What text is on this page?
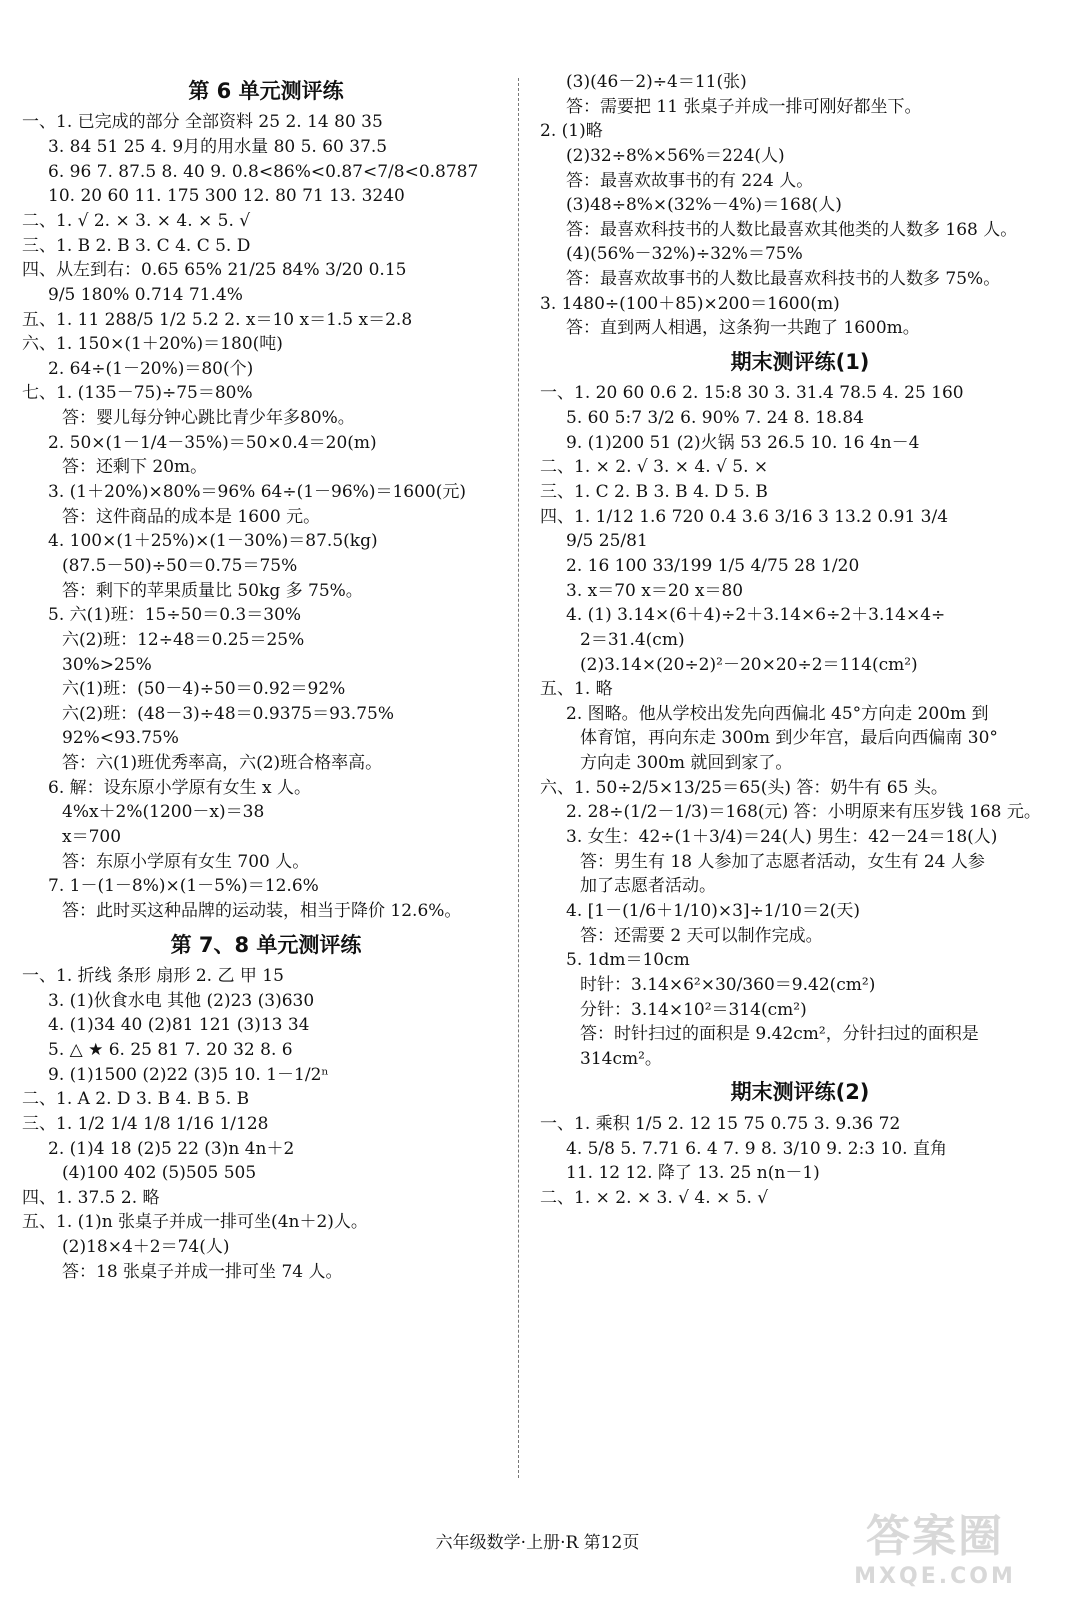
第 6 单元测评练
一、1. 已完成的部分 全部资料 25 2. 14 80 35
3. 84 51 25 4. 9月的用水量 80 5. 60 37.5
6. 96 7. 87.5 8. 40 9. 0.8<86%<0.87<7/8<0.8787
10. 20 60 11. 175 300 12. 80 71 13. 3240
二、1. √ 2. × 3. × 4. × 5. √
三、1. B 2. B 3. C 4. C 5. D
四、从左到右：0.65 65% 21/25 84% 3/20 0.15
9/5 180% 0.714 71.4%
五、1. 11 288/5 1/2 5.2 2. x＝10 x＝1.5 x＝2.8
六、1. 150×(1＋20%)＝180(吨)
2. 64÷(1－20%)＝80(个)
七、1. (135－75)÷75＝80%
答：婴儿每分钟心跳比青少年多80%。
2. 50×(1－1/4－35%)＝50×0.4＝20(m)
答：还剩下 20m。
3. (1＋20%)×80%＝96% 64÷(1－96%)＝1600(元)
答：这件商品的成本是 1600 元。
4. 100×(1＋25%)×(1－30%)＝87.5(kg)
(87.5－50)÷50＝0.75＝75%
答：剩下的苹果质量比 50kg 多 75%。
5. 六(1)班：15÷50＝0.3＝30%
六(2)班：12÷48＝0.25＝25%
30%>25%
六(1)班：(50－4)÷50＝0.92＝92%
六(2)班：(48－3)÷48＝0.9375＝93.75%
92%<93.75%
答：六(1)班优秀率高，六(2)班合格率高。
6. 解：设东原小学原有女生 x 人。
4%x＋2%(1200－x)＝38
x＝700
答：东原小学原有女生 700 人。
7. 1－(1－8%)×(1－5%)＝12.6%
答：此时买这种品牌的运动装，相当于降价 12.6%。
第 7、8 单元测评练
一、1. 折线 条形 扇形 2. 乙 甲 15
3. (1)伙食水电 其他 (2)23 (3)630
4. (1)34 40 (2)81 121 (3)13 34
5. △ ★ 6. 25 81 7. 20 32 8. 6
9. (1)1500 (2)22 (3)5 10. 1－1/2ⁿ
二、1. A 2. D 3. B 4. B 5. B
三、1. 1/2 1/4 1/8 1/16 1/128
2. (1)4 18 (2)5 22 (3)n 4n＋2
(4)100 402 (5)505 505
四、1. 37.5 2. 略
五、1. (1)n 张桌子并成一排可坐(4n＋2)人。
(2)18×4＋2＝74(人)
答：18 张桌子并成一排可坐 74 人。
(3)(46－2)÷4＝11(张)
答：需要把 11 张桌子并成一排可刚好都坐下。
2. (1)略
(2)32÷8%×56%＝224(人)
答：最喜欢故事书的有 224 人。
(3)48÷8%×(32%－4%)＝168(人)
答：最喜欢科技书的人数比最喜欢其他类的人数多 168 人。
(4)(56%－32%)÷32%＝75%
答：最喜欢故事书的人数比最喜欢科技书的人数多 75%。
3. 1480÷(100＋85)×200＝1600(m)
答：直到两人相遇，这条狗一共跑了 1600m。
期末测评练(1)
一、1. 20 60 0.6 2. 15:8 30 3. 31.4 78.5 4. 25 160
5. 60 5:7 3/2 6. 90% 7. 24 8. 18.84
9. (1)200 51 (2)火锅 53 26.5 10. 16 4n－4
二、1. × 2. √ 3. × 4. √ 5. ×
三、1. C 2. B 3. B 4. D 5. B
四、1. 1/12 1.6 720 0.4 3.6 3/16 3 13.2 0.91 3/4
9/5 25/81
2. 16 100 33/199 1/5 4/75 28 1/20
3. x＝70 x＝20 x＝80
4. (1) 3.14×(6＋4)÷2＋3.14×6÷2＋3.14×4÷
2＝31.4(cm)
(2)3.14×(20÷2)²－20×20÷2＝114(cm²)
五、1. 略
2. 图略。他从学校出发先向西偏北 45°方向走 200m 到
体育馆，再向东走 300m 到少年宫，最后向西偏南 30°
方向走 300m 就回到家了。
六、1. 50÷2/5×13/25＝65(头) 答：奶牛有 65 头。
2. 28÷(1/2－1/3)＝168(元) 答：小明原来有压岁钱 168 元。
3. 女生：42÷(1＋3/4)＝24(人) 男生：42－24＝18(人)
答：男生有 18 人参加了志愿者活动，女生有 24 人参
加了志愿者活动。
4. [1－(1/6＋1/10)×3]÷1/10＝2(天)
答：还需要 2 天可以制作完成。
5. 1dm＝10cm
时针：3.14×6²×30/360＝9.42(cm²)
分针：3.14×10²＝314(cm²)
答：时针扫过的面积是 9.42cm²，分针扫过的面积是
314cm²。
期末测评练(2)
一、1. 乘积 1/5 2. 12 15 75 0.75 3. 9.36 72
4. 5/8 5. 7.71 6. 4 7. 9 8. 3/10 9. 2:3 10. 直角
11. 12 12. 降了 13. 25 n(n－1)
二、1. × 2. × 3. √ 4. × 5. √
六年级数学·上册·R 第12页	答案圈
MXQE.COM
